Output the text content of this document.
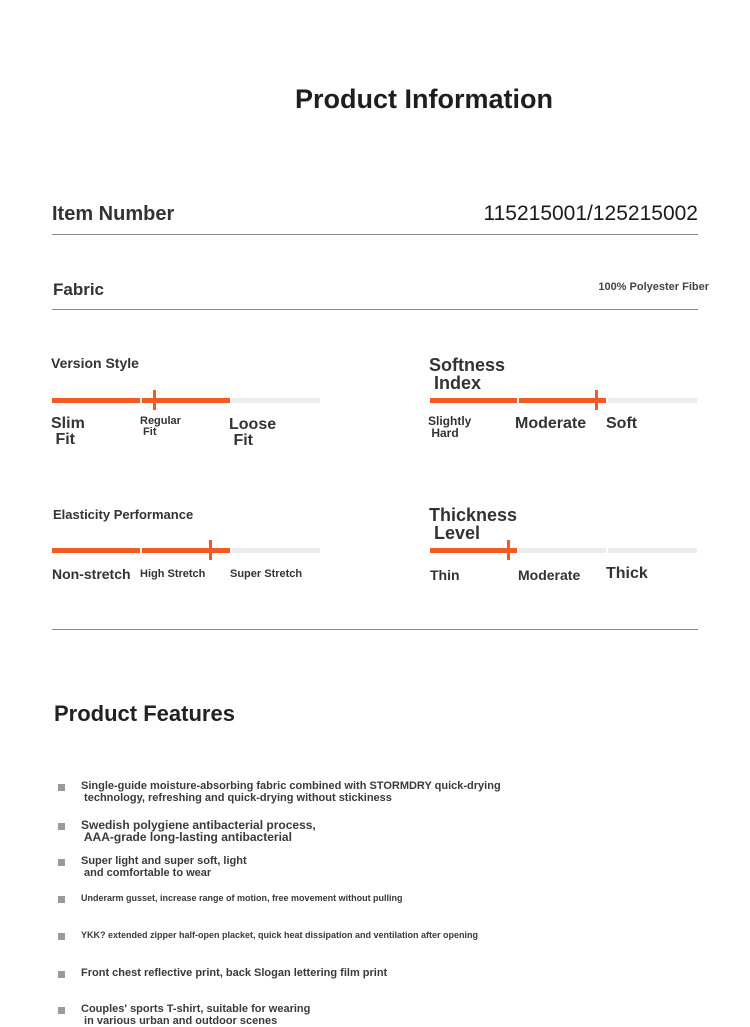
Product Information
Item Number	115215001/125215002
Fabric	100% Polyester Fiber
Version Style
Slim
Fit
Regular
Fit	Loose
Fit
Softness
Index
Slightly
Hard
Moderate Soft
Elasticity Performance
Non-stretch High Stretch Super Stretch
Thickness
Level
Thin	Moderate Thick
Product Features
Single-guide moisture-absorbing fabric combined with STORMDRY quick-drying
technology, refreshing and quick-drying without stickiness
Swedish polygiene antibacterial process,
AAA-grade long-lasting antibacterial
Super light and super soft, light
and comfortable to wear
Underarm gusset, increase range of motion, free movement without pulling
YKK? extended zipper half-open placket, quick heat dissipation and ventilation after opening
Front chest reflective print, back Slogan lettering film print
Couples' sports T-shirt, suitable for wearing
in various urban and outdoor scenes
